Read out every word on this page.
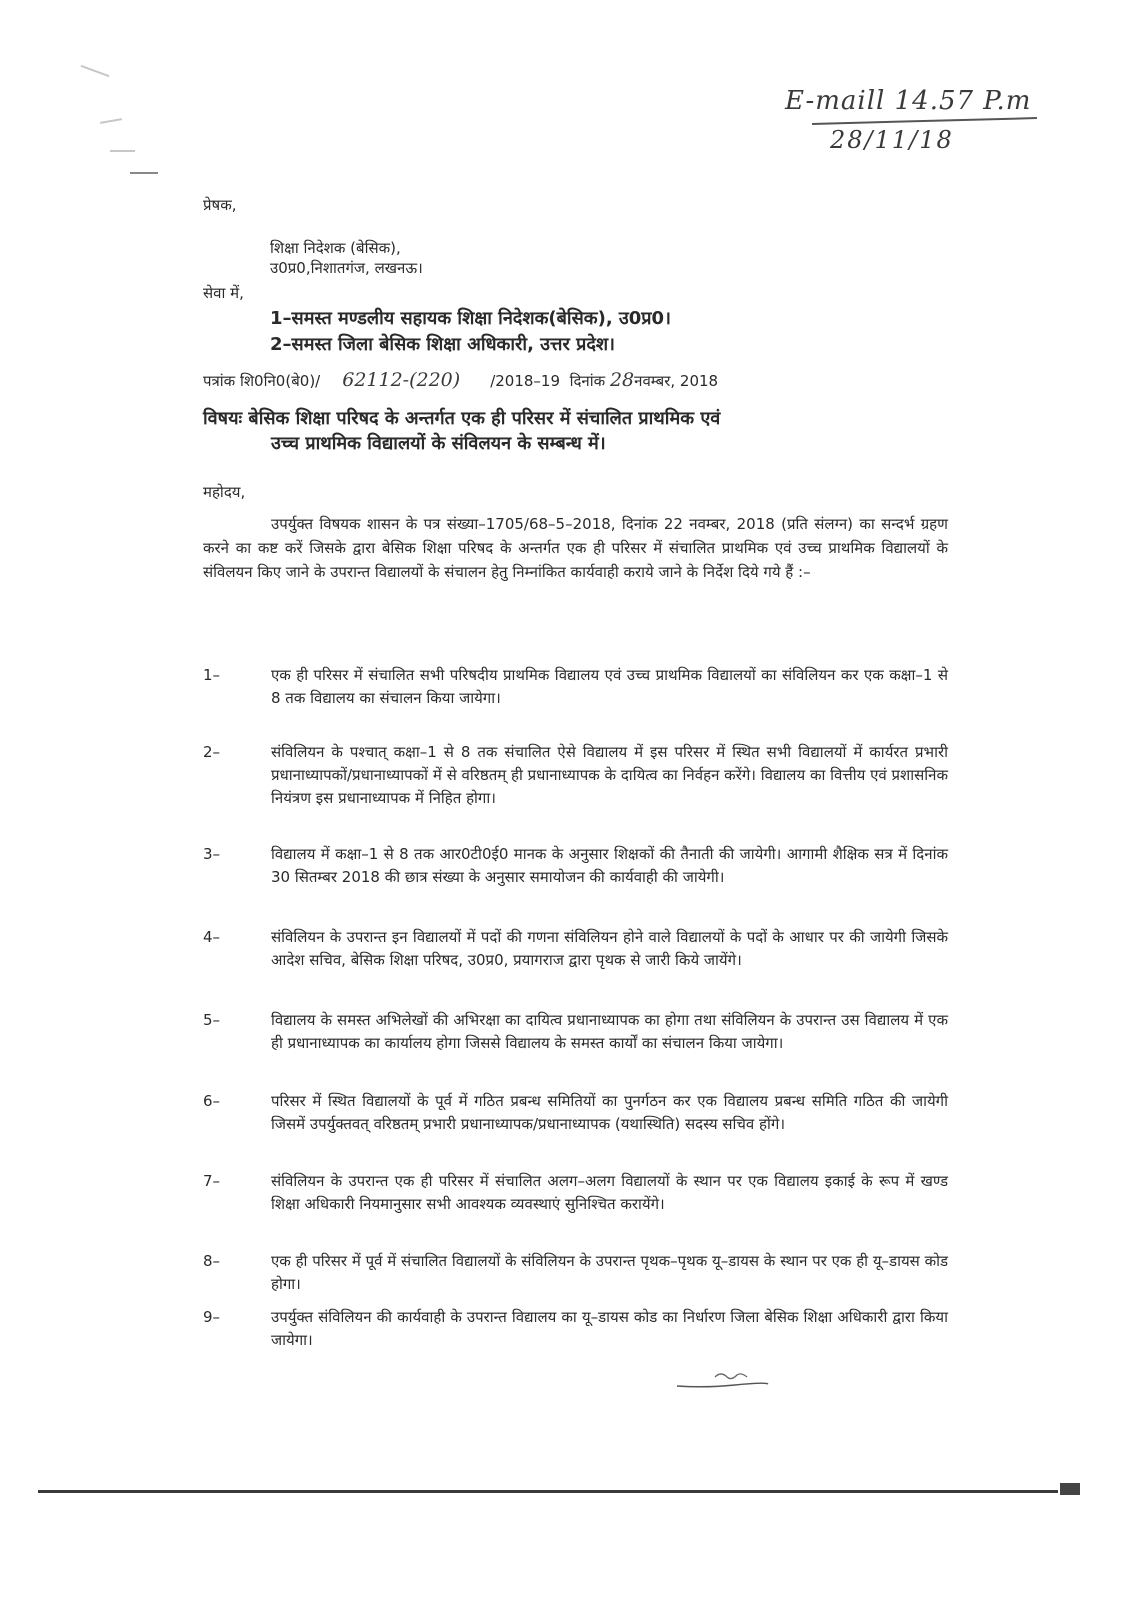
E-maill 14.57 P.m
28/11/18
प्रेषक,
शिक्षा निदेशक (बेसिक),
उ0प्र0,निशातगंज, लखनऊ।
सेवा में,
1–समस्त मण्डलीय सहायक शिक्षा निदेशक(बेसिक), उ0प्र0।
2–समस्त जिला बेसिक शिक्षा अधिकारी, उत्तर प्रदेश।
पत्रांक शि0नि0(बे0)/ 62112-(220) /2018–19 दिनांक 28नवम्बर, 2018
विषयः बेसिक शिक्षा परिषद के अन्तर्गत एक ही परिसर में संचालित प्राथमिक एवं
उच्च प्राथमिक विद्यालयों के संविलयन के सम्बन्ध में।
महोदय,
उपर्युक्त विषयक शासन के पत्र संख्या–1705/68–5–2018, दिनांक 22 नवम्बर, 2018 (प्रति संलग्न) का सन्दर्भ ग्रहण करने का कष्ट करें जिसके द्वारा बेसिक शिक्षा परिषद के अन्तर्गत एक ही परिसर में संचालित प्राथमिक एवं उच्च प्राथमिक विद्यालयों के संविलयन किए जाने के उपरान्त विद्यालयों के संचालन हेतु निम्नांकित कार्यवाही कराये जाने के निर्देश दिये गये हैं :–
1–	एक ही परिसर में संचालित सभी परिषदीय प्राथमिक विद्यालय एवं उच्च प्राथमिक विद्यालयों का संविलियन कर एक कक्षा–1 से 8 तक विद्यालय का संचालन किया जायेगा।
2–	संविलियन के पश्चात् कक्षा–1 से 8 तक संचालित ऐसे विद्यालय में इस परिसर में स्थित सभी विद्यालयों में कार्यरत प्रभारी प्रधानाध्यापकों/प्रधानाध्यापकों में से वरिष्ठतम् ही प्रधानाध्यापक के दायित्व का निर्वहन करेंगे। विद्यालय का वित्तीय एवं प्रशासनिक नियंत्रण इस प्रधानाध्यापक में निहित होगा।
3–	विद्यालय में कक्षा–1 से 8 तक आर0टी0ई0 मानक के अनुसार शिक्षकों की तैनाती की जायेगी। आगामी शैक्षिक सत्र में दिनांक 30 सितम्बर 2018 की छात्र संख्या के अनुसार समायोजन की कार्यवाही की जायेगी।
4–	संविलियन के उपरान्त इन विद्यालयों में पदों की गणना संविलियन होने वाले विद्यालयों के पदों के आधार पर की जायेगी जिसके आदेश सचिव, बेसिक शिक्षा परिषद, उ0प्र0, प्रयागराज द्वारा पृथक से जारी किये जायेंगे।
5–	विद्यालय के समस्त अभिलेखों की अभिरक्षा का दायित्व प्रधानाध्यापक का होगा तथा संविलियन के उपरान्त उस विद्यालय में एक ही प्रधानाध्यापक का कार्यालय होगा जिससे विद्यालय के समस्त कार्यों का संचालन किया जायेगा।
6–	परिसर में स्थित विद्यालयों के पूर्व में गठित प्रबन्ध समितियों का पुनर्गठन कर एक विद्यालय प्रबन्ध समिति गठित की जायेगी जिसमें उपर्युक्तवत् वरिष्ठतम् प्रभारी प्रधानाध्यापक/प्रधानाध्यापक (यथास्थिति) सदस्य सचिव होंगे।
7–	संविलियन के उपरान्त एक ही परिसर में संचालित अलग–अलग विद्यालयों के स्थान पर एक विद्यालय इकाई के रूप में खण्ड शिक्षा अधिकारी नियमानुसार सभी आवश्यक व्यवस्थाएं सुनिश्चित करायेंगे।
8–	एक ही परिसर में पूर्व में संचालित विद्यालयों के संविलियन के उपरान्त पृथक–पृथक यू–डायस के स्थान पर एक ही यू–डायस कोड होगा।
9–	उपर्युक्त संविलियन की कार्यवाही के उपरान्त विद्यालय का यू–डायस कोड का निर्धारण जिला बेसिक शिक्षा अधिकारी द्वारा किया जायेगा।
